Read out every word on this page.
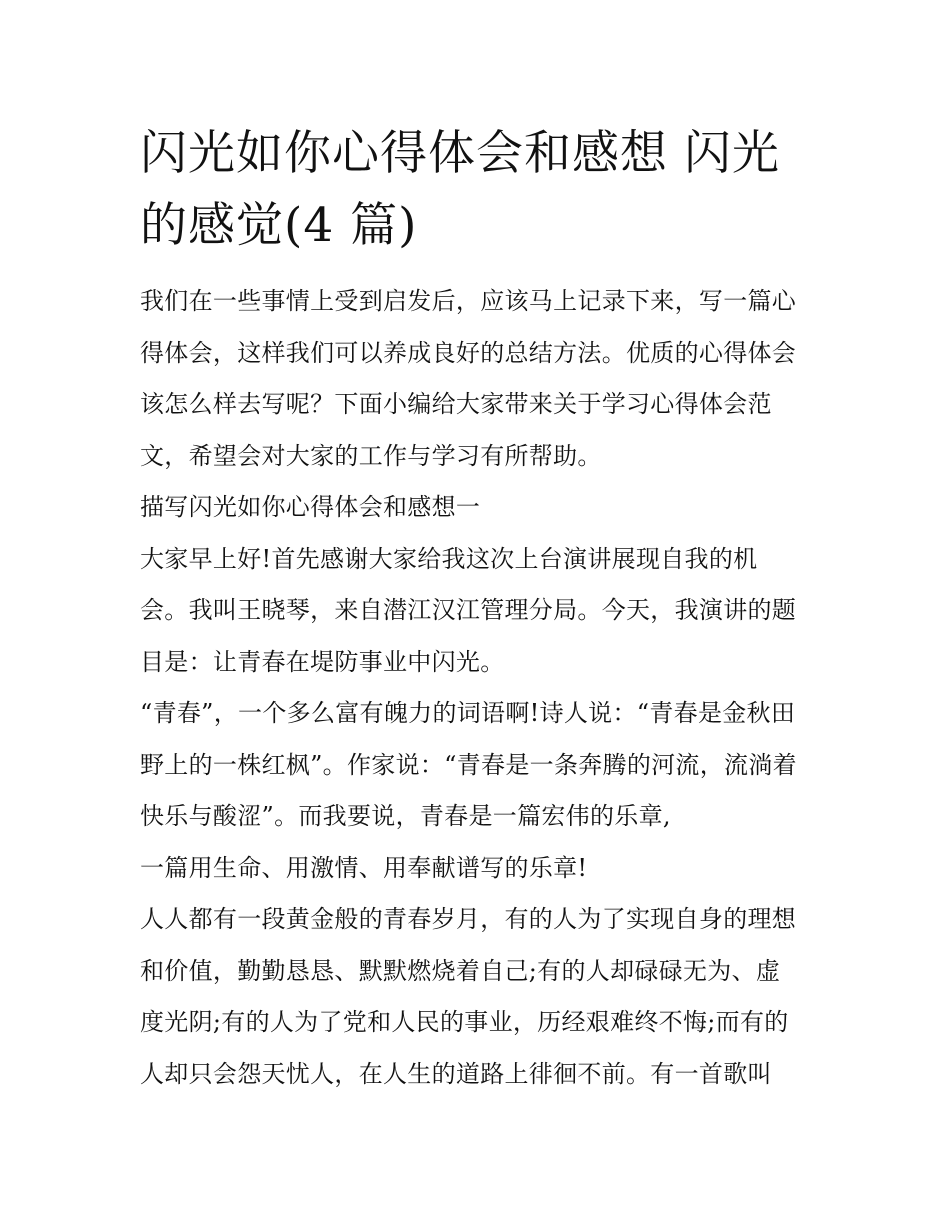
闪光如你心得体会和感想 闪光
的感觉(4 篇)
我们在一些事情上受到启发后，应该马上记录下来，写一篇心
得体会，这样我们可以养成良好的总结方法。优质的心得体会
该怎么样去写呢？下面小编给大家带来关于学习心得体会范
文，希望会对大家的工作与学习有所帮助。
描写闪光如你心得体会和感想一
大家早上好!首先感谢大家给我这次上台演讲展现自我的机
会。我叫王晓琴，来自潜江汉江管理分局。今天，我演讲的题
目是：让青春在堤防事业中闪光。
“青春”，一个多么富有魄力的词语啊!诗人说：“青春是金秋田
野上的一株红枫”。作家说：“青春是一条奔腾的河流，流淌着
快乐与酸涩”。而我要说，青春是一篇宏伟的乐章,
一篇用生命、用激情、用奉献谱写的乐章!
人人都有一段黄金般的青春岁月，有的人为了实现自身的理想
和价值，勤勤恳恳、默默燃烧着自己;有的人却碌碌无为、虚
度光阴;有的人为了党和人民的事业，历经艰难终不悔;而有的
人却只会怨天忧人，在人生的道路上徘徊不前。有一首歌叫
